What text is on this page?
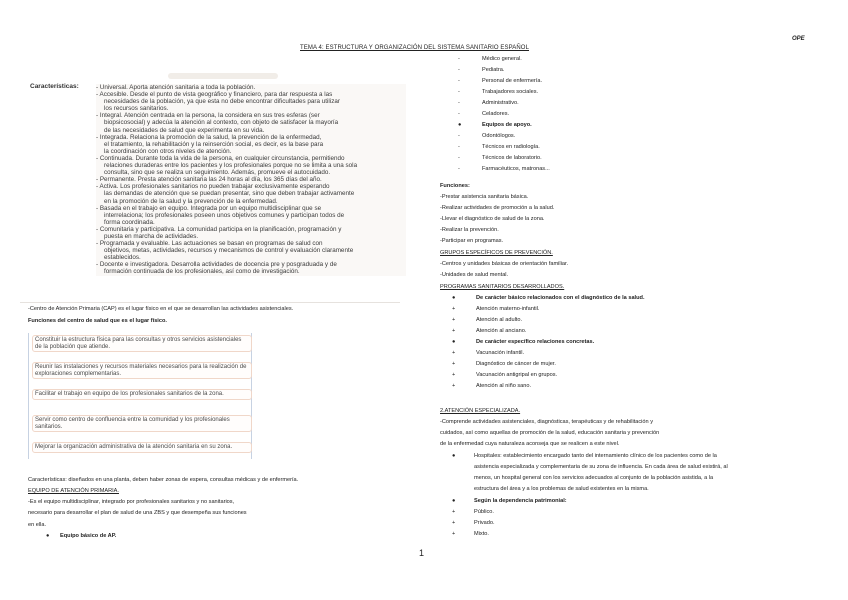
OPE
TEMA 4: ESTRUCTURA Y ORGANIZACIÓN DEL SISTEMA SANITARIO ESPAÑOL
Características:	- Universal. Aporta atención sanitaria a toda la población.

- Accesible. Desde el punto de vista geográfico y financiero, para dar respuesta a las

necesidades de la población, ya que esta no debe encontrar dificultades para utilizar

los recursos sanitarios.

- Integral. Atención centrada en la persona, la considera en sus tres esferas (ser

biopsicosocial) y adecúa la atención al contexto, con objeto de satisfacer la mayoría

de las necesidades de salud que experimenta en su vida.

- Integrada. Relaciona la promoción de la salud, la prevención de la enfermedad,

el tratamiento, la rehabilitación y la reinserción social, es decir, es la base para

la coordinación con otros niveles de atención.

- Continuada. Durante toda la vida de la persona, en cualquier circunstancia, permitiendo

relaciones duraderas entre los pacientes y los profesionales porque no se limita a una sola

consulta, sino que se realiza un seguimiento. Además, promueve el autocuidado.

- Permanente. Presta atención sanitaria las 24 horas al día, los 365 días del año.

- Activa. Los profesionales sanitarios no pueden trabajar exclusivamente esperando

las demandas de atención que se puedan presentar, sino que deben trabajar activamente

en la promoción de la salud y la prevención de la enfermedad.

- Basada en el trabajo en equipo. Integrada por un equipo multidisciplinar que se

interrelaciona; los profesionales poseen unos objetivos comunes y participan todos de

forma coordinada.

- Comunitaria y participativa. La comunidad participa en la planificación, programación y

puesta en marcha de actividades.

- Programada y evaluable. Las actuaciones se basan en programas de salud con

objetivos, metas, actividades, recursos y mecanismos de control y evaluación claramente

establecidos.

- Docente e investigadora. Desarrolla actividades de docencia pre y posgraduada y de

formación continuada de los profesionales, así como de investigación.

-Centro de Atención Primaria (CAP) es el lugar físico en el que se desarrollan las actividades asistenciales.
Funciones del centro de salud que es el lugar físico.
Constituir la estructura física para las consultas y otros servicios asistenciales de la población que atiende.
Reunir las instalaciones y recursos materiales necesarios para la realización de exploraciones complementarias.
Facilitar el trabajo en equipo de los profesionales sanitarios de la zona.
Servir como centro de confluencia entre la comunidad y los profesionales sanitarios.
Mejorar la organización administrativa de la atención sanitaria en su zona.
Características: diseñados en una planta, deben haber zonas de espera, consultas médicas y de enfermería.
EQUIPO DE ATENCIÓN PRIMARIA.
-Es el equipo multidisciplinar, integrado por profesionales sanitarios y no sanitarios,
necesario para desarrollar el plan de salud de una ZBS y que desempeña sus funciones
en ella.
● Equipo básico de AP.
-	Médico general.
-	Pediatra.
-	Personal de enfermería.
-	Trabajadores sociales.
-	Administrativo.
-	Celadores.
●	Equipos de apoyo.
-	Odontólogos.
-	Técnicos en radiología.
-	Técnicos de laboratorio.
-	Farmacéuticos, matronas...
Funciones:
-Prestar asistencia sanitaria básica.
-Realizar actividades de promoción a la salud.
-Llevar el diagnóstico de salud de la zona.
-Realizar la prevención.
-Participar en programas.
GRUPOS ESPECÍFICOS DE PREVENCIÓN.
-Centros y unidades básicas de orientación familiar.
-Unidades de salud mental.
PROGRAMAS SANITARIOS DESARROLLADOS.
●	De carácter básico relacionados con el diagnóstico de la salud.
+	Atención materno-infantil.
+	Atención al adulto.
+	Atención al anciano.
●	De carácter específico relaciones concretas.
+	Vacunación infantil.
+	Diagnóstico de cáncer de mujer.
+	Vacunación antigripal en grupos.
+	Atención al niño sano.
2.ATENCIÓN ESPECIALIZADA.
-Comprende actividades asistenciales, diagnósticas, terapéuticas y de rehabilitación y
cuidados, así como aquellas de promoción de la salud, educación sanitaria y prevención
de la enfermedad cuya naturaleza aconseja que se realicen a este nivel.
●	Hospitales: establecimiento encargado tanto del internamiento clínico de los pacientes como de la
asistencia especializada y complementaria de su zona de influencia. En cada área de salud existirá, al
menos, un hospital general con los servicios adecuados al conjunto de la población asistida, a la
estructura del área y a los problemas de salud existentes en la misma.
●	Según la dependencia patrimonial:
+	Público.
+	Privado.
+	Mixto.
1
